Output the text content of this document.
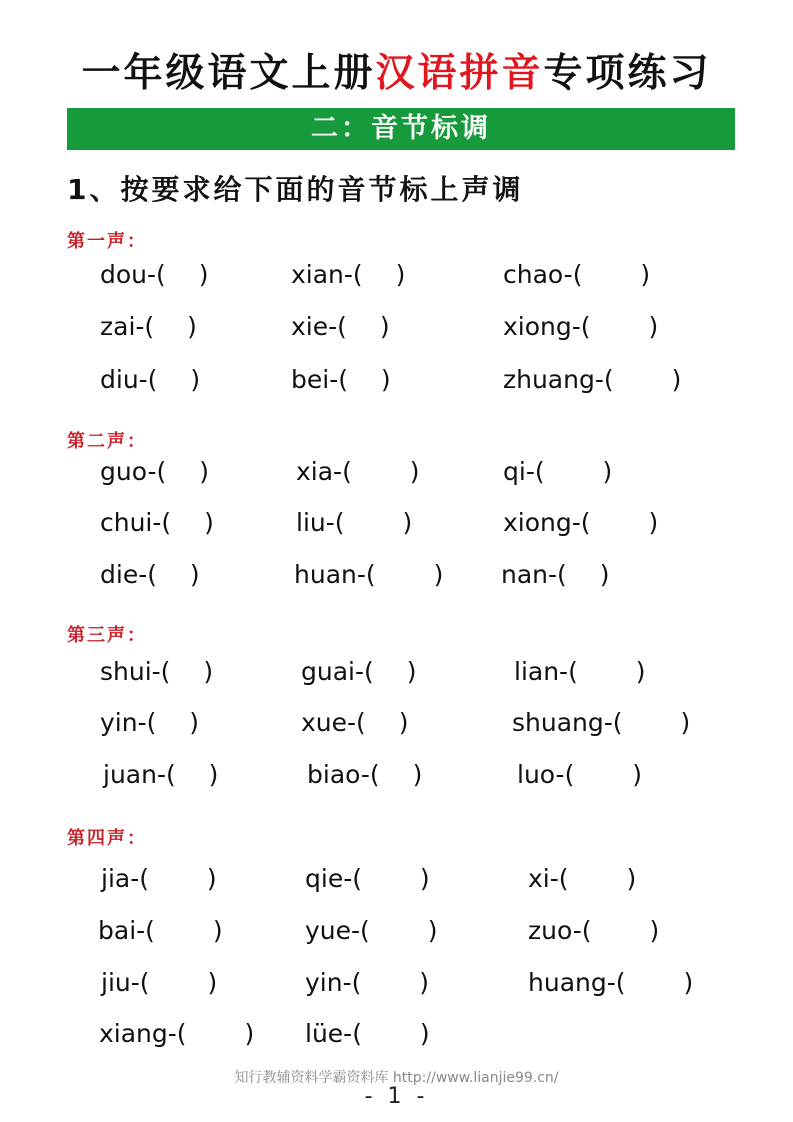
一年级语文上册汉语拼音专项练习
二：音节标调
1、按要求给下面的音节标上声调
第一声：
dou-(　 )	xian-(　 )	chao-(　 　)
zai-(　 )	xie-(　 )	xiong-(　 　)
diu-(　 )	bei-(　 )	zhuang-(　 　)
第二声：
guo-(　 )	xia-(　 　)	qi-(　 　)
chui-(　 )	liu-(　 　)	xiong-(　 　)
die-(　 )	huan-(　 　) nan-(　 )
第三声：
shui-(　 )	guai-(　 )	lian-(　 　)
yin-(　 )	xue-(　 )	shuang-(　 　)
juan-(　 )	biao-(　 )	luo-(　 　)
第四声：
jia-(　 　)	qie-(　 　)	xi-(　 　)
bai-(　 　)	yue-(　 　)	zuo-(　 　)
jiu-(　 　)	yin-(　 　)	huang-(　 　)
xiang-(　 　) lüe-(　 　)
知行教辅资料学霸资料库 http://www.lianjie99.cn/
- 1 -
